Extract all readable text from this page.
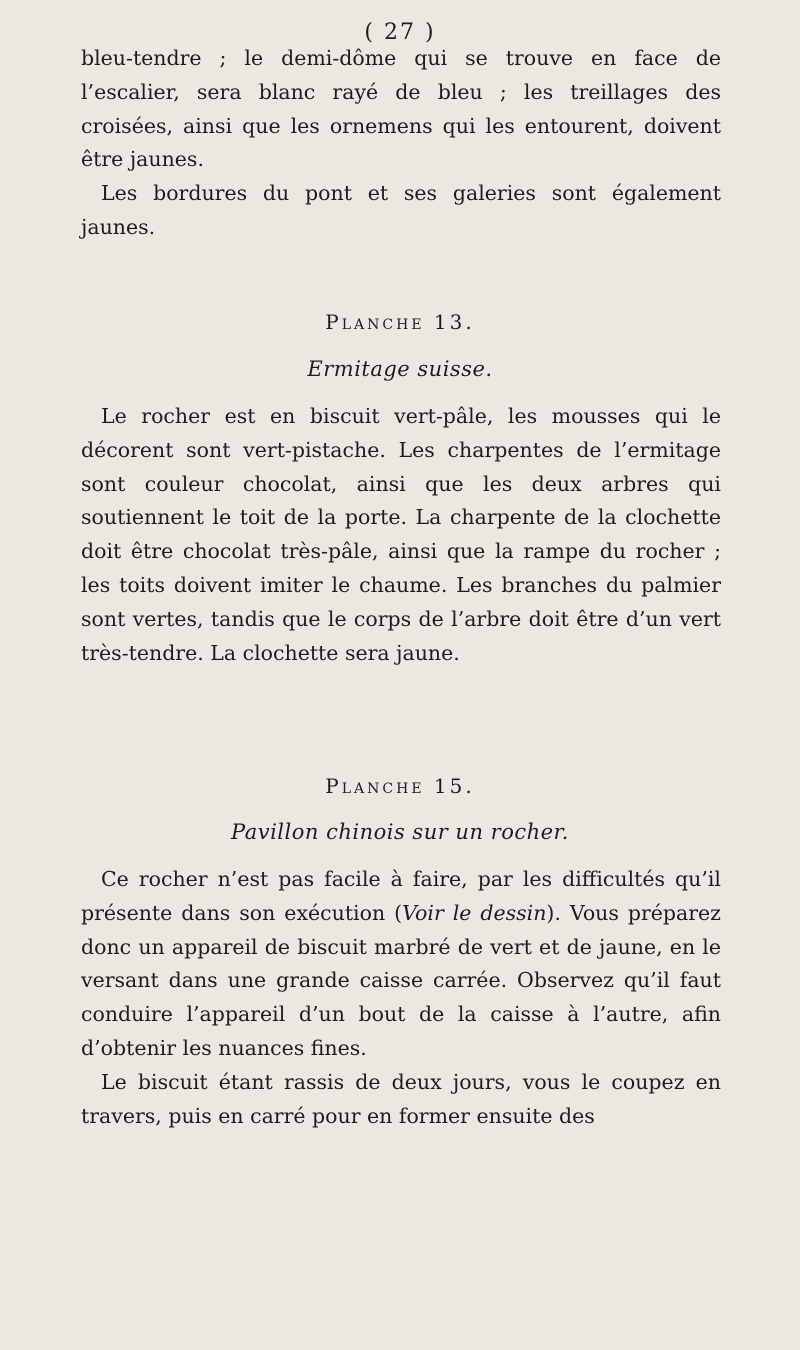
( 27 )

bleu-tendre ; le demi-dôme qui se trouve en face de l’escalier, sera blanc rayé de bleu ; les treillages des croisées, ainsi que les ornemens qui les entourent, doivent être jaunes.

Les bordures du pont et ses galeries sont également jaunes.

Planche 13.
Ermitage suisse.

Le rocher est en biscuit vert-pâle, les mousses qui le décorent sont vert-pistache. Les charpentes de l’ermitage sont couleur chocolat, ainsi que les deux arbres qui soutiennent le toit de la porte. La charpente de la clochette doit être chocolat très-pâle, ainsi que la rampe du rocher ; les toits doivent imiter le chaume. Les branches du palmier sont vertes, tandis que le corps de l’arbre doit être d’un vert très-tendre. La clochette sera jaune.

Planche 15.
Pavillon chinois sur un rocher.

Ce rocher n’est pas facile à faire, par les difficultés qu’il présente dans son exécution (Voir le dessin). Vous préparez donc un appareil de biscuit marbré de vert et de jaune, en le versant dans une grande caisse carrée. Observez qu’il faut conduire l’appareil d’un bout de la caisse à l’autre, afin d’obtenir les nuances fines.

Le biscuit étant rassis de deux jours, vous le coupez en travers, puis en carré pour en former ensuite des
